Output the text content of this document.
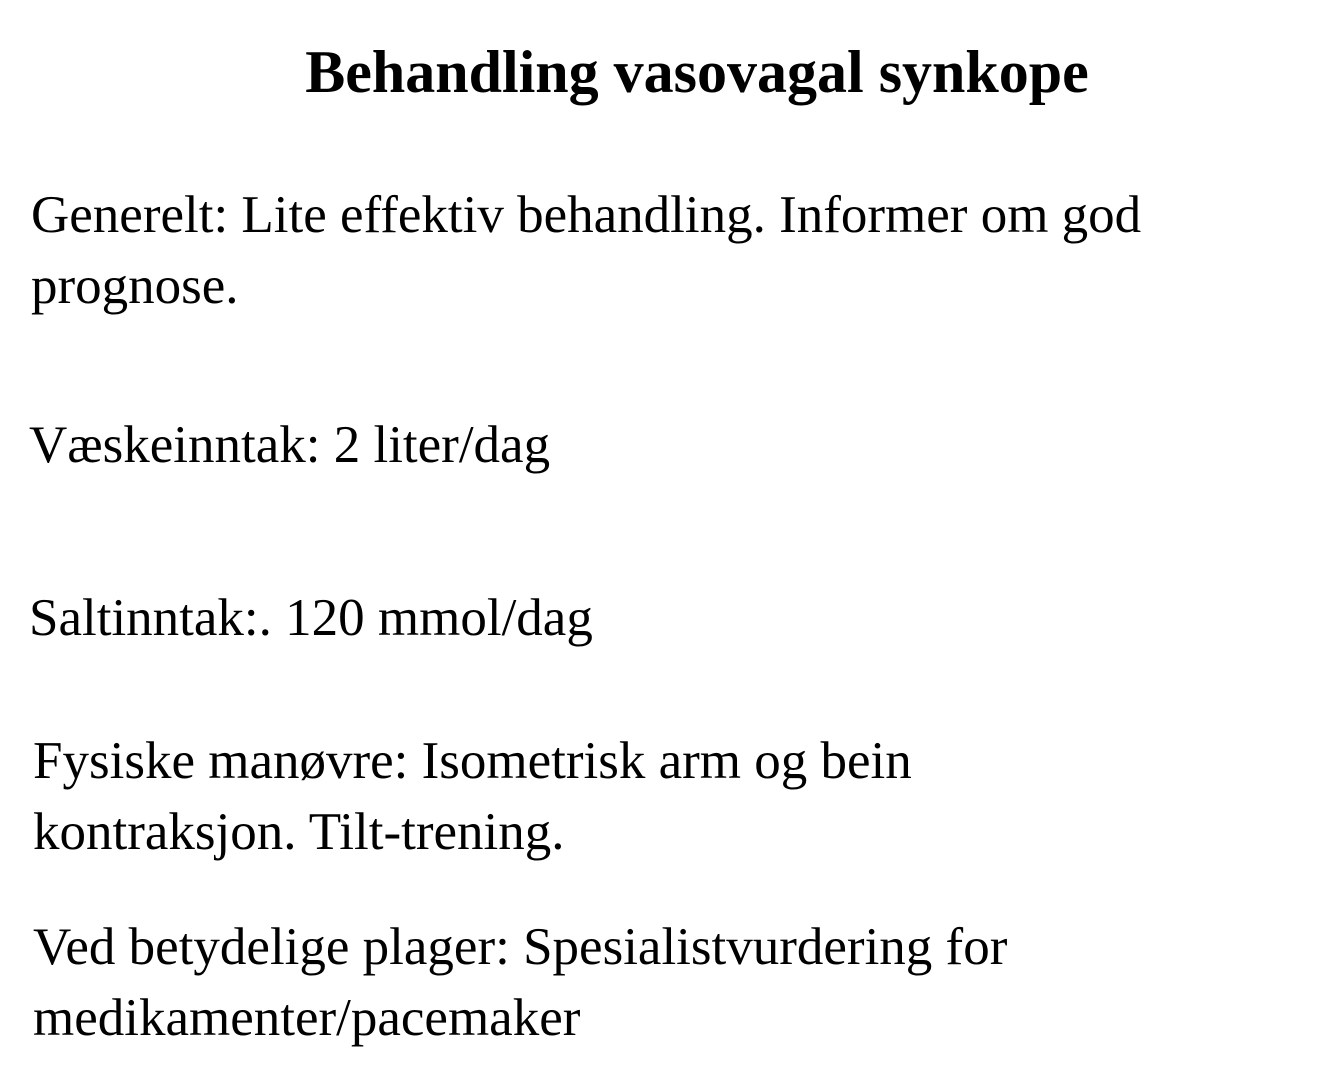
Behandling vasovagal synkope
Generelt: Lite effektiv behandling. Informer om god
prognose.
Væskeinntak: 2 liter/dag
Saltinntak:. 120 mmol/dag
Fysiske manøvre: Isometrisk arm og bein
kontraksjon. Tilt-trening.
Ved betydelige plager: Spesialistvurdering for
medikamenter/pacemaker
